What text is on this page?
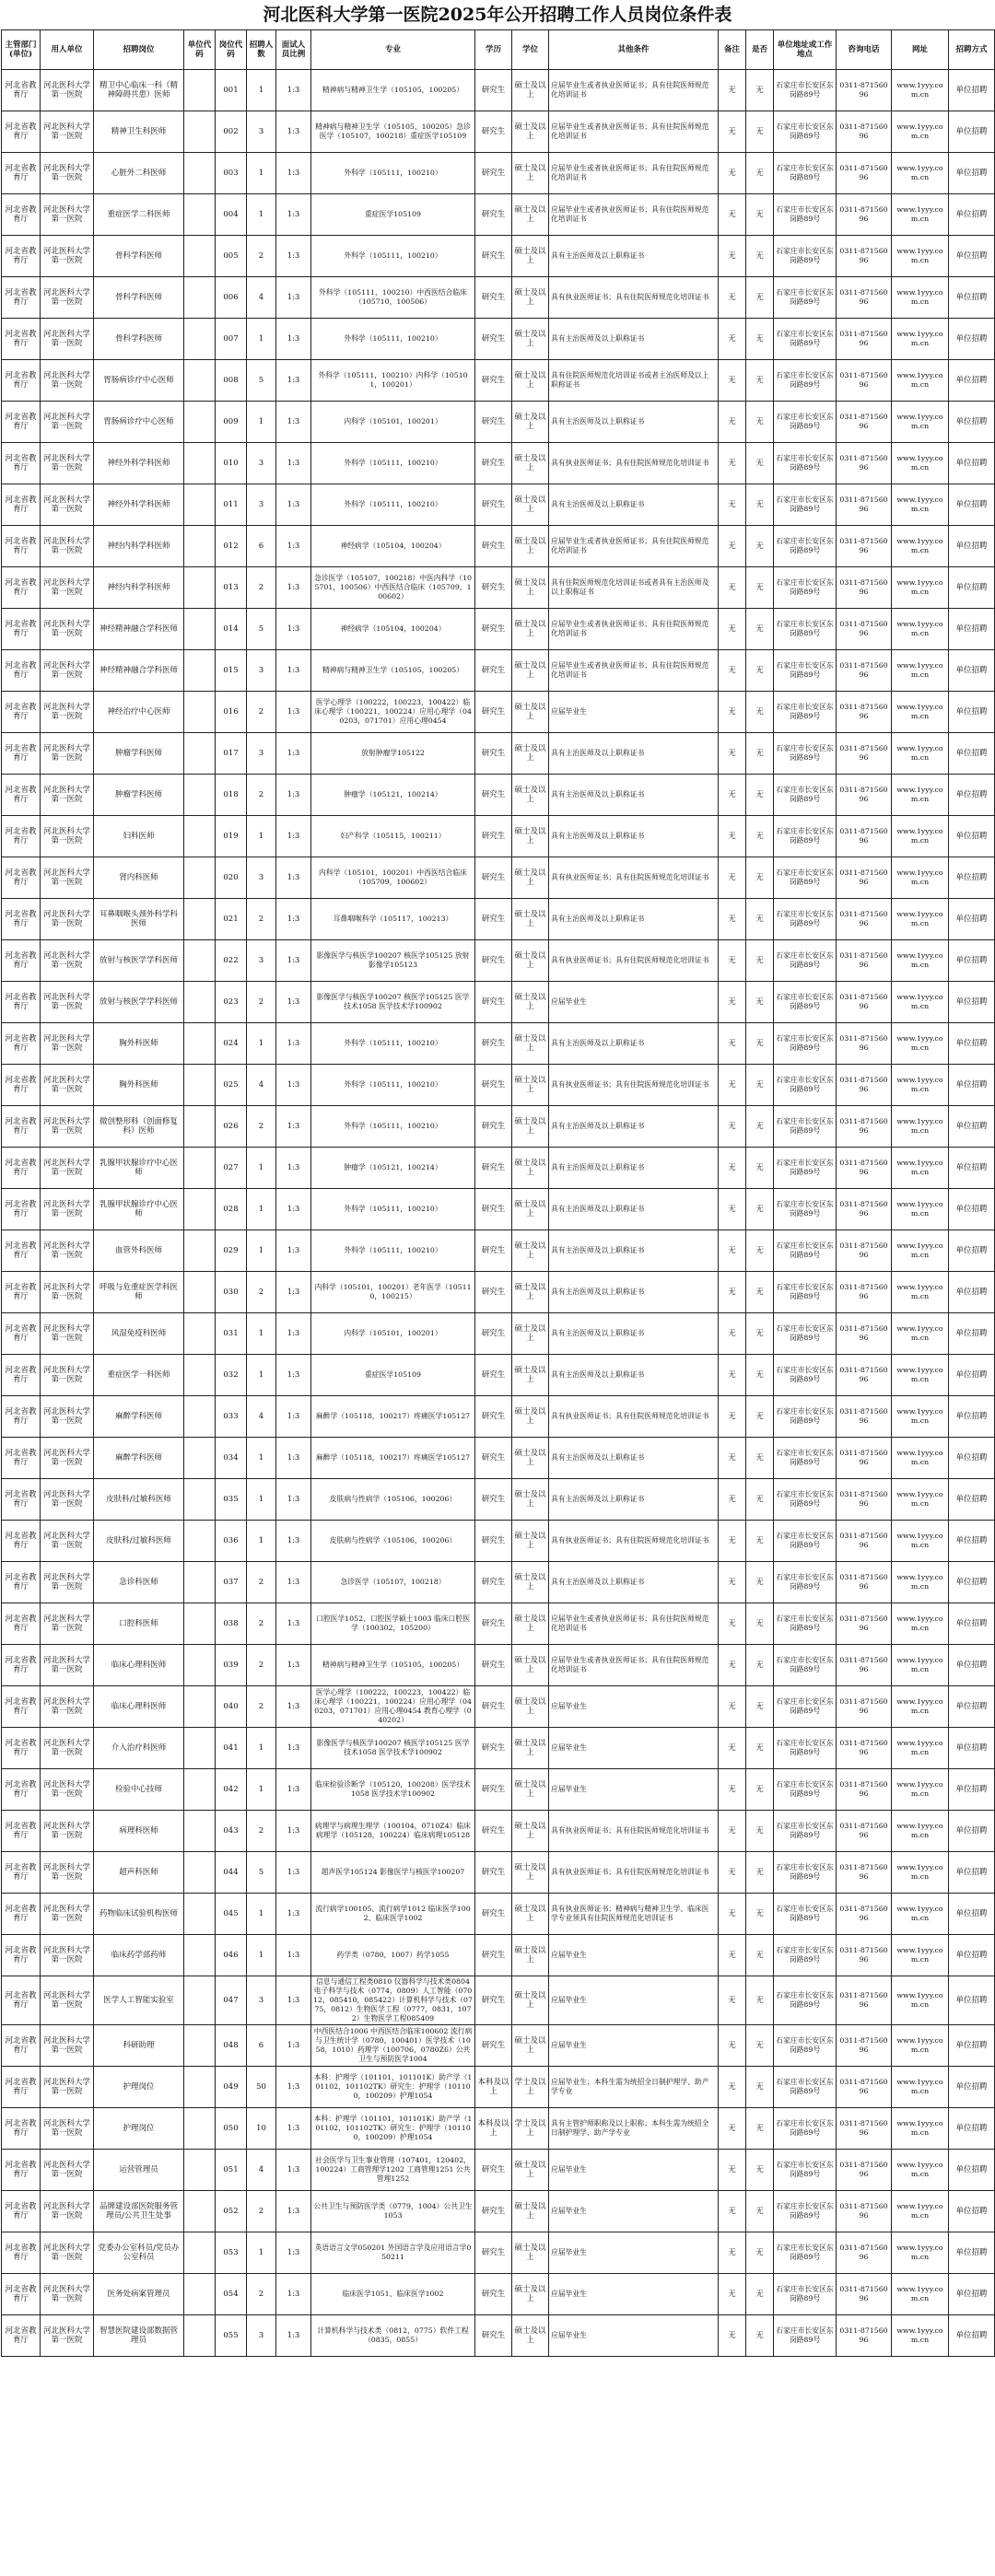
河北医科大学第一医院2025年公开招聘工作人员岗位条件表
主管部门(单位)	用人单位	招聘岗位	单位代码	岗位代码	招聘人数	面试人员比例	专业	学历	学位	其他条件	备注	是否	单位地址或工作地点	咨询电话	网址	招聘方式
河北省教育厅	河北医科大学第一医院	精卫中心临床一科（精神障碍共患）医师		001	1	1:3	精神病与精神卫生学（105105，100205）	研究生	硕士及以上	应届毕业生或者执业医师证书；具有住院医师规范化培训证书	无	无	石家庄市长安区东岗路89号	0311-87156096	www.1yyy.com.cn	单位招聘
河北省教育厅	河北医科大学第一医院	精神卫生科医师		002	3	1:3	精神病与精神卫生学（105105，100205）急诊医学（105107，100218）重症医学105109	研究生	硕士及以上	应届毕业生或者执业医师证书；具有住院医师规范化培训证书	无	无	石家庄市长安区东岗路89号	0311-87156096	www.1yyy.com.cn	单位招聘
河北省教育厅	河北医科大学第一医院	心脏外二科医师		003	1	1:3	外科学（105111，100210）	研究生	硕士及以上	应届毕业生或者执业医师证书；具有住院医师规范化培训证书	无	无	石家庄市长安区东岗路89号	0311-87156096	www.1yyy.com.cn	单位招聘
河北省教育厅	河北医科大学第一医院	重症医学二科医师		004	1	1:3	重症医学105109	研究生	硕士及以上	应届毕业生或者执业医师证书；具有住院医师规范化培训证书	无	无	石家庄市长安区东岗路89号	0311-87156096	www.1yyy.com.cn	单位招聘
河北省教育厅	河北医科大学第一医院	骨科学科医师		005	2	1:3	外科学（105111，100210）	研究生	硕士及以上	具有主治医师及以上职称证书	无	无	石家庄市长安区东岗路89号	0311-87156096	www.1yyy.com.cn	单位招聘
河北省教育厅	河北医科大学第一医院	骨科学科医师		006	4	1:3	外科学（105111，100210）中西医结合临床（105710，100506）	研究生	硕士及以上	具有执业医师证书；具有住院医师规范化培训证书	无	无	石家庄市长安区东岗路89号	0311-87156096	www.1yyy.com.cn	单位招聘
河北省教育厅	河北医科大学第一医院	骨科学科医师		007	1	1:3	外科学（105111，100210）	研究生	硕士及以上	具有主治医师及以上职称证书	无	无	石家庄市长安区东岗路89号	0311-87156096	www.1yyy.com.cn	单位招聘
河北省教育厅	河北医科大学第一医院	胃肠病诊疗中心医师		008	5	1:3	外科学（105111，100210）内科学（105101，100201）	研究生	硕士及以上	具有住院医师规范化培训证书或者主治医师及以上职称证书	无	无	石家庄市长安区东岗路89号	0311-87156096	www.1yyy.com.cn	单位招聘
河北省教育厅	河北医科大学第一医院	胃肠病诊疗中心医师		009	1	1:3	内科学（105101，100201）	研究生	硕士及以上	具有主治医师及以上职称证书	无	无	石家庄市长安区东岗路89号	0311-87156096	www.1yyy.com.cn	单位招聘
河北省教育厅	河北医科大学第一医院	神经外科学科医师		010	3	1:3	外科学（105111，100210）	研究生	硕士及以上	具有执业医师证书；具有住院医师规范化培训证书	无	无	石家庄市长安区东岗路89号	0311-87156096	www.1yyy.com.cn	单位招聘
河北省教育厅	河北医科大学第一医院	神经外科学科医师		011	3	1:3	外科学（105111，100210）	研究生	硕士及以上	具有主治医师及以上职称证书	无	无	石家庄市长安区东岗路89号	0311-87156096	www.1yyy.com.cn	单位招聘
河北省教育厅	河北医科大学第一医院	神经内科学科医师		012	6	1:3	神经病学（105104，100204）	研究生	硕士及以上	应届毕业生或者执业医师证书；具有住院医师规范化培训证书	无	无	石家庄市长安区东岗路89号	0311-87156096	www.1yyy.com.cn	单位招聘
河北省教育厅	河北医科大学第一医院	神经内科学科医师		013	2	1:3	急诊医学（105107，100218）中医内科学（105701，100506）中西医结合临床（105709，100602）	研究生	硕士及以上	具有住院医师规范化培训证书或者具有主治医师及以上职称证书	无	无	石家庄市长安区东岗路89号	0311-87156096	www.1yyy.com.cn	单位招聘
河北省教育厅	河北医科大学第一医院	神经精神融合学科医师		014	5	1:3	神经病学（105104，100204）	研究生	硕士及以上	应届毕业生或者执业医师证书；具有住院医师规范化培训证书	无	无	石家庄市长安区东岗路89号	0311-87156096	www.1yyy.com.cn	单位招聘
河北省教育厅	河北医科大学第一医院	神经精神融合学科医师		015	3	1:3	精神病与精神卫生学（105105，100205）	研究生	硕士及以上	应届毕业生或者执业医师证书；具有住院医师规范化培训证书	无	无	石家庄市长安区东岗路89号	0311-87156096	www.1yyy.com.cn	单位招聘
河北省教育厅	河北医科大学第一医院	神经治疗中心医师		016	2	1:3	医学心理学（100222，100223，100422）临床心理学（100221，100224）应用心理学（040203，071701）应用心理0454	研究生	硕士及以上	应届毕业生	无	无	石家庄市长安区东岗路89号	0311-87156096	www.1yyy.com.cn	单位招聘
河北省教育厅	河北医科大学第一医院	肿瘤学科医师		017	3	1:3	放射肿瘤学105122	研究生	硕士及以上	具有主治医师及以上职称证书	无	无	石家庄市长安区东岗路89号	0311-87156096	www.1yyy.com.cn	单位招聘
河北省教育厅	河北医科大学第一医院	肿瘤学科医师		018	2	1:3	肿瘤学（105121，100214）	研究生	硕士及以上	具有主治医师及以上职称证书	无	无	石家庄市长安区东岗路89号	0311-87156096	www.1yyy.com.cn	单位招聘
河北省教育厅	河北医科大学第一医院	妇科医师		019	1	1:3	妇产科学（105115，100211）	研究生	硕士及以上	具有主治医师及以上职称证书	无	无	石家庄市长安区东岗路89号	0311-87156096	www.1yyy.com.cn	单位招聘
河北省教育厅	河北医科大学第一医院	肾内科医师		020	3	1:3	内科学（105101，100201）中西医结合临床（105709，100602）	研究生	硕士及以上	具有执业医师证书；具有住院医师规范化培训证书	无	无	石家庄市长安区东岗路89号	0311-87156096	www.1yyy.com.cn	单位招聘
河北省教育厅	河北医科大学第一医院	耳鼻咽喉头颈外科学科医师		021	2	1:3	耳鼻咽喉科学（105117，100213）	研究生	硕士及以上	具有主治医师及以上职称证书	无	无	石家庄市长安区东岗路89号	0311-87156096	www.1yyy.com.cn	单位招聘
河北省教育厅	河北医科大学第一医院	放射与核医学学科医师		022	3	1:3	影像医学与核医学100207 核医学105125 放射影像学105123	研究生	硕士及以上	具有执业医师证书；具有住院医师规范化培训证书	无	无	石家庄市长安区东岗路89号	0311-87156096	www.1yyy.com.cn	单位招聘
河北省教育厅	河北医科大学第一医院	放射与核医学学科医师		023	2	1:3	影像医学与核医学100207 核医学105125 医学技术1058 医学技术学100902	研究生	硕士及以上	应届毕业生	无	无	石家庄市长安区东岗路89号	0311-87156096	www.1yyy.com.cn	单位招聘
河北省教育厅	河北医科大学第一医院	胸外科医师		024	1	1:3	外科学（105111，100210）	研究生	硕士及以上	具有主治医师及以上职称证书	无	无	石家庄市长安区东岗路89号	0311-87156096	www.1yyy.com.cn	单位招聘
河北省教育厅	河北医科大学第一医院	胸外科医师		025	4	1:3	外科学（105111，100210）	研究生	硕士及以上	具有执业医师证书；具有住院医师规范化培训证书	无	无	石家庄市长安区东岗路89号	0311-87156096	www.1yyy.com.cn	单位招聘
河北省教育厅	河北医科大学第一医院	微创整形科（创面修复科）医师		026	2	1:3	外科学（105111，100210）	研究生	硕士及以上	具有主治医师及以上职称证书	无	无	石家庄市长安区东岗路89号	0311-87156096	www.1yyy.com.cn	单位招聘
河北省教育厅	河北医科大学第一医院	乳腺甲状腺诊疗中心医师		027	1	1:3	肿瘤学（105121，100214）	研究生	硕士及以上	具有主治医师及以上职称证书	无	无	石家庄市长安区东岗路89号	0311-87156096	www.1yyy.com.cn	单位招聘
河北省教育厅	河北医科大学第一医院	乳腺甲状腺诊疗中心医师		028	1	1:3	外科学（105111，100210）	研究生	硕士及以上	具有主治医师及以上职称证书	无	无	石家庄市长安区东岗路89号	0311-87156096	www.1yyy.com.cn	单位招聘
河北省教育厅	河北医科大学第一医院	血管外科医师		029	1	1:3	外科学（105111，100210）	研究生	硕士及以上	具有主治医师及以上职称证书	无	无	石家庄市长安区东岗路89号	0311-87156096	www.1yyy.com.cn	单位招聘
河北省教育厅	河北医科大学第一医院	呼吸与危重症医学科医师		030	2	1:3	内科学（105101，100201）老年医学（105110，100215）	研究生	硕士及以上	具有主治医师及以上职称证书	无	无	石家庄市长安区东岗路89号	0311-87156096	www.1yyy.com.cn	单位招聘
河北省教育厅	河北医科大学第一医院	风湿免疫科医师		031	1	1:3	内科学（105101，100201）	研究生	硕士及以上	具有主治医师及以上职称证书	无	无	石家庄市长安区东岗路89号	0311-87156096	www.1yyy.com.cn	单位招聘
河北省教育厅	河北医科大学第一医院	重症医学一科医师		032	1	1:3	重症医学105109	研究生	硕士及以上	具有主治医师及以上职称证书	无	无	石家庄市长安区东岗路89号	0311-87156096	www.1yyy.com.cn	单位招聘
河北省教育厅	河北医科大学第一医院	麻醉学科医师		033	4	1:3	麻醉学（105118，100217）疼痛医学105127	研究生	硕士及以上	具有执业医师证书；具有住院医师规范化培训证书	无	无	石家庄市长安区东岗路89号	0311-87156096	www.1yyy.com.cn	单位招聘
河北省教育厅	河北医科大学第一医院	麻醉学科医师		034	1	1:3	麻醉学（105118，100217）疼痛医学105127	研究生	硕士及以上	具有主治医师及以上职称证书	无	无	石家庄市长安区东岗路89号	0311-87156096	www.1yyy.com.cn	单位招聘
河北省教育厅	河北医科大学第一医院	皮肤科/过敏科医师		035	1	1:3	皮肤病与性病学（105106，100206）	研究生	硕士及以上	具有主治医师及以上职称证书	无	无	石家庄市长安区东岗路89号	0311-87156096	www.1yyy.com.cn	单位招聘
河北省教育厅	河北医科大学第一医院	皮肤科/过敏科医师		036	1	1:3	皮肤病与性病学（105106，100206）	研究生	硕士及以上	具有执业医师证书；具有住院医师规范化培训证书	无	无	石家庄市长安区东岗路89号	0311-87156096	www.1yyy.com.cn	单位招聘
河北省教育厅	河北医科大学第一医院	急诊科医师		037	2	1:3	急诊医学（105107，100218）	研究生	硕士及以上	具有主治医师及以上职称证书	无	无	石家庄市长安区东岗路89号	0311-87156096	www.1yyy.com.cn	单位招聘
河北省教育厅	河北医科大学第一医院	口腔科医师		038	2	1:3	口腔医学1052、口腔医学硕士1003 临床口腔医学（100302，105200）	研究生	硕士及以上	应届毕业生或者执业医师证书；具有住院医师规范化培训证书	无	无	石家庄市长安区东岗路89号	0311-87156096	www.1yyy.com.cn	单位招聘
河北省教育厅	河北医科大学第一医院	临床心理科医师		039	2	1:3	精神病与精神卫生学（105105，100205）	研究生	硕士及以上	应届毕业生或者执业医师证书；具有住院医师规范化培训证书	无	无	石家庄市长安区东岗路89号	0311-87156096	www.1yyy.com.cn	单位招聘
河北省教育厅	河北医科大学第一医院	临床心理科医师		040	2	1:3	医学心理学（100222，100223，100422）临床心理学（100221，100224）应用心理学（040203，071701）应用心理0454 教育心理学（040202）	研究生	硕士及以上	应届毕业生	无	无	石家庄市长安区东岗路89号	0311-87156096	www.1yyy.com.cn	单位招聘
河北省教育厅	河北医科大学第一医院	介入治疗科医师		041	1	1:3	影像医学与核医学100207 核医学105125 医学技术1058 医学技术学100902	研究生	硕士及以上	应届毕业生	无	无	石家庄市长安区东岗路89号	0311-87156096	www.1yyy.com.cn	单位招聘
河北省教育厅	河北医科大学第一医院	检验中心技师		042	1	1:3	临床检验诊断学（105120，100208）医学技术1058 医学技术学100902	研究生	硕士及以上	应届毕业生	无	无	石家庄市长安区东岗路89号	0311-87156096	www.1yyy.com.cn	单位招聘
河北省教育厅	河北医科大学第一医院	病理科医师		043	2	1:3	病理学与病理生理学（100104，0710Z4）临床病理学（105128，100224）临床病理105128	研究生	硕士及以上	具有执业医师证书；具有住院医师规范化培训证书	无	无	石家庄市长安区东岗路89号	0311-87156096	www.1yyy.com.cn	单位招聘
河北省教育厅	河北医科大学第一医院	超声科医师		044	5	1:3	超声医学105124 影像医学与核医学100207	研究生	硕士及以上	具有执业医师证书；具有住院医师规范化培训证书	无	无	石家庄市长安区东岗路89号	0311-87156096	www.1yyy.com.cn	单位招聘
河北省教育厅	河北医科大学第一医院	药物临床试验机构医师		045	1	1:3	流行病学100105、流行病学1012 临床医学1002、临床医学1002	研究生	硕士及以上	具有执业医师证书；精神病与精神卫生学、临床医学专业须具有住院医师规范化培训证书	无	无	石家庄市长安区东岗路89号	0311-87156096	www.1yyy.com.cn	单位招聘
河北省教育厅	河北医科大学第一医院	临床药学部药师		046	1	1:3	药学类（0780，1007）药学1055	研究生	硕士及以上	应届毕业生	无	无	石家庄市长安区东岗路89号	0311-87156096	www.1yyy.com.cn	单位招聘
河北省教育厅	河北医科大学第一医院	医学人工智能实验室		047	3	1:3	信息与通信工程类0810 仪器科学与技术类0804 电子科学与技术（0774，0809）人工智能（07012，085410，085422）计算机科学与技术（0775，0812）生物医学工程（0777，0831，1072）生物医学工程085409	研究生	硕士及以上	应届毕业生	无	无	石家庄市长安区东岗路89号	0311-87156096	www.1yyy.com.cn	单位招聘
河北省教育厅	河北医科大学第一医院	科研助理		048	6	1:3	中西医结合1006 中西医结合临床100602 流行病与卫生统计学（0780，100401）医学技术（1058，1010）药理学（100706，0780Z6）公共卫生与预防医学1004	研究生	硕士及以上	应届毕业生	无	无	石家庄市长安区东岗路89号	0311-87156096	www.1yyy.com.cn	单位招聘
河北省教育厅	河北医科大学第一医院	护理岗位		049	50	1:3	本科：护理学（101101，101101K）助产学（101102，101102TK）研究生：护理学（101100，100209）护理1054	本科及以上	学士及以上	应届毕业生；本科生需为统招全日制护理学、助产学专业	无	无	石家庄市长安区东岗路89号	0311-87156096	www.1yyy.com.cn	单位招聘
河北省教育厅	河北医科大学第一医院	护理岗位		050	10	1:3	本科：护理学（101101，101101K）助产学（101102，101102TK）研究生：护理学（101100，100209）护理1054	本科及以上	学士及以上	具有主管护师职称及以上职称；本科生需为统招全日制护理学、助产学专业	无	无	石家庄市长安区东岗路89号	0311-87156096	www.1yyy.com.cn	单位招聘
河北省教育厅	河北医科大学第一医院	运营管理员		051	4	1:3	社会医学与卫生事业管理（107401，120402，100224）工商管理学1202 工商管理1251 公共管理1252	研究生	硕士及以上	应届毕业生	无	无	石家庄市长安区东岗路89号	0311-87156096	www.1yyy.com.cn	单位招聘
河北省教育厅	河北医科大学第一医院	品牌建设部医院服务管理员/公共卫生处事		052	2	1:3	公共卫生与预防医学类（0779，1004）公共卫生1053	研究生	硕士及以上	应届毕业生	无	无	石家庄市长安区东岗路89号	0311-87156096	www.1yyy.com.cn	单位招聘
河北省教育厅	河北医科大学第一医院	党委办公室科员/党员办公室科员		053	1	1:3	英语语言文学050201 外国语言学及应用语言学050211	研究生	硕士及以上	应届毕业生	无	无	石家庄市长安区东岗路89号	0311-87156096	www.1yyy.com.cn	单位招聘
河北省教育厅	河北医科大学第一医院	医务处病案管理员		054	2	1:3	临床医学1051、临床医学1002	研究生	硕士及以上	应届毕业生	无	无	石家庄市长安区东岗路89号	0311-87156096	www.1yyy.com.cn	单位招聘
河北省教育厅	河北医科大学第一医院	智慧医院建设部数据管理员		055	3	1:3	计算机科学与技术类（0812，0775）软件工程（0835，0855）	研究生	硕士及以上	应届毕业生	无	无	石家庄市长安区东岗路89号	0311-87156096	www.1yyy.com.cn	单位招聘
